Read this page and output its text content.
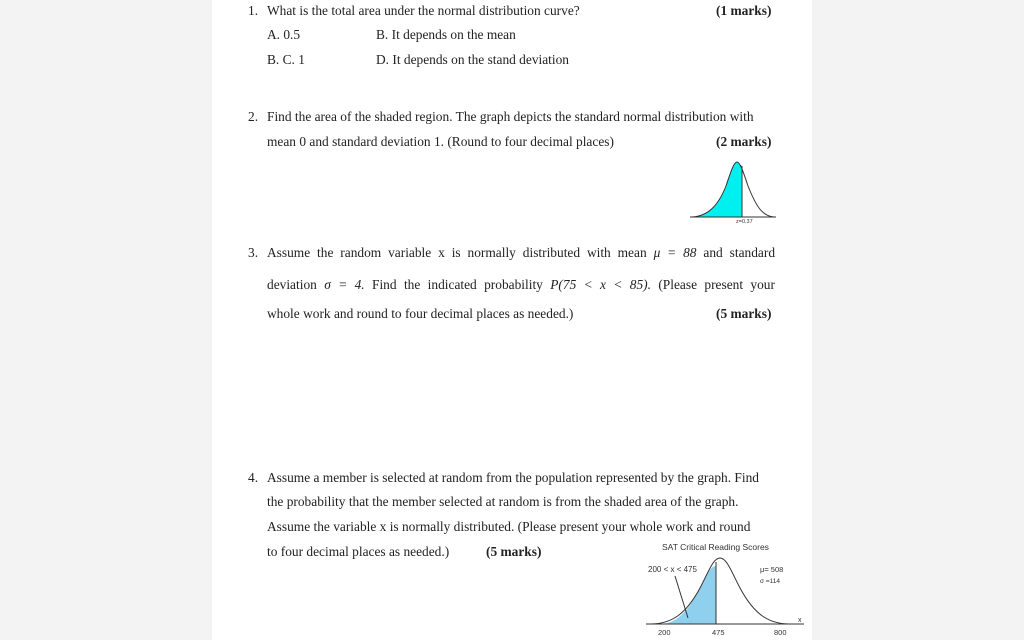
1. What is the total area under the normal distribution curve?	(1 marks)
A. 0.5	B. It depends on the mean
B. C. 1	D. It depends on the stand deviation
2. Find the area of the shaded region. The graph depicts the standard normal distribution with
mean 0 and standard deviation 1. (Round to four decimal places)	(2 marks)
z=0.37
3. Assume the random variable x is normally distributed with mean μ = 88 and standard
deviation σ = 4. Find the indicated probability P(75 < x < 85). (Please present your
whole work and round to four decimal places as needed.)	(5 marks)
4. Assume a member is selected at random from the population represented by the graph. Find
the probability that the member selected at random is from the shaded area of the graph.
Assume the variable x is normally distributed. (Please present your whole work and round
to four decimal places as needed.)	(5 marks)	SAT Critical Reading Scores
200 < x < 475	μ= 508
σ =114
x
200	475	800
